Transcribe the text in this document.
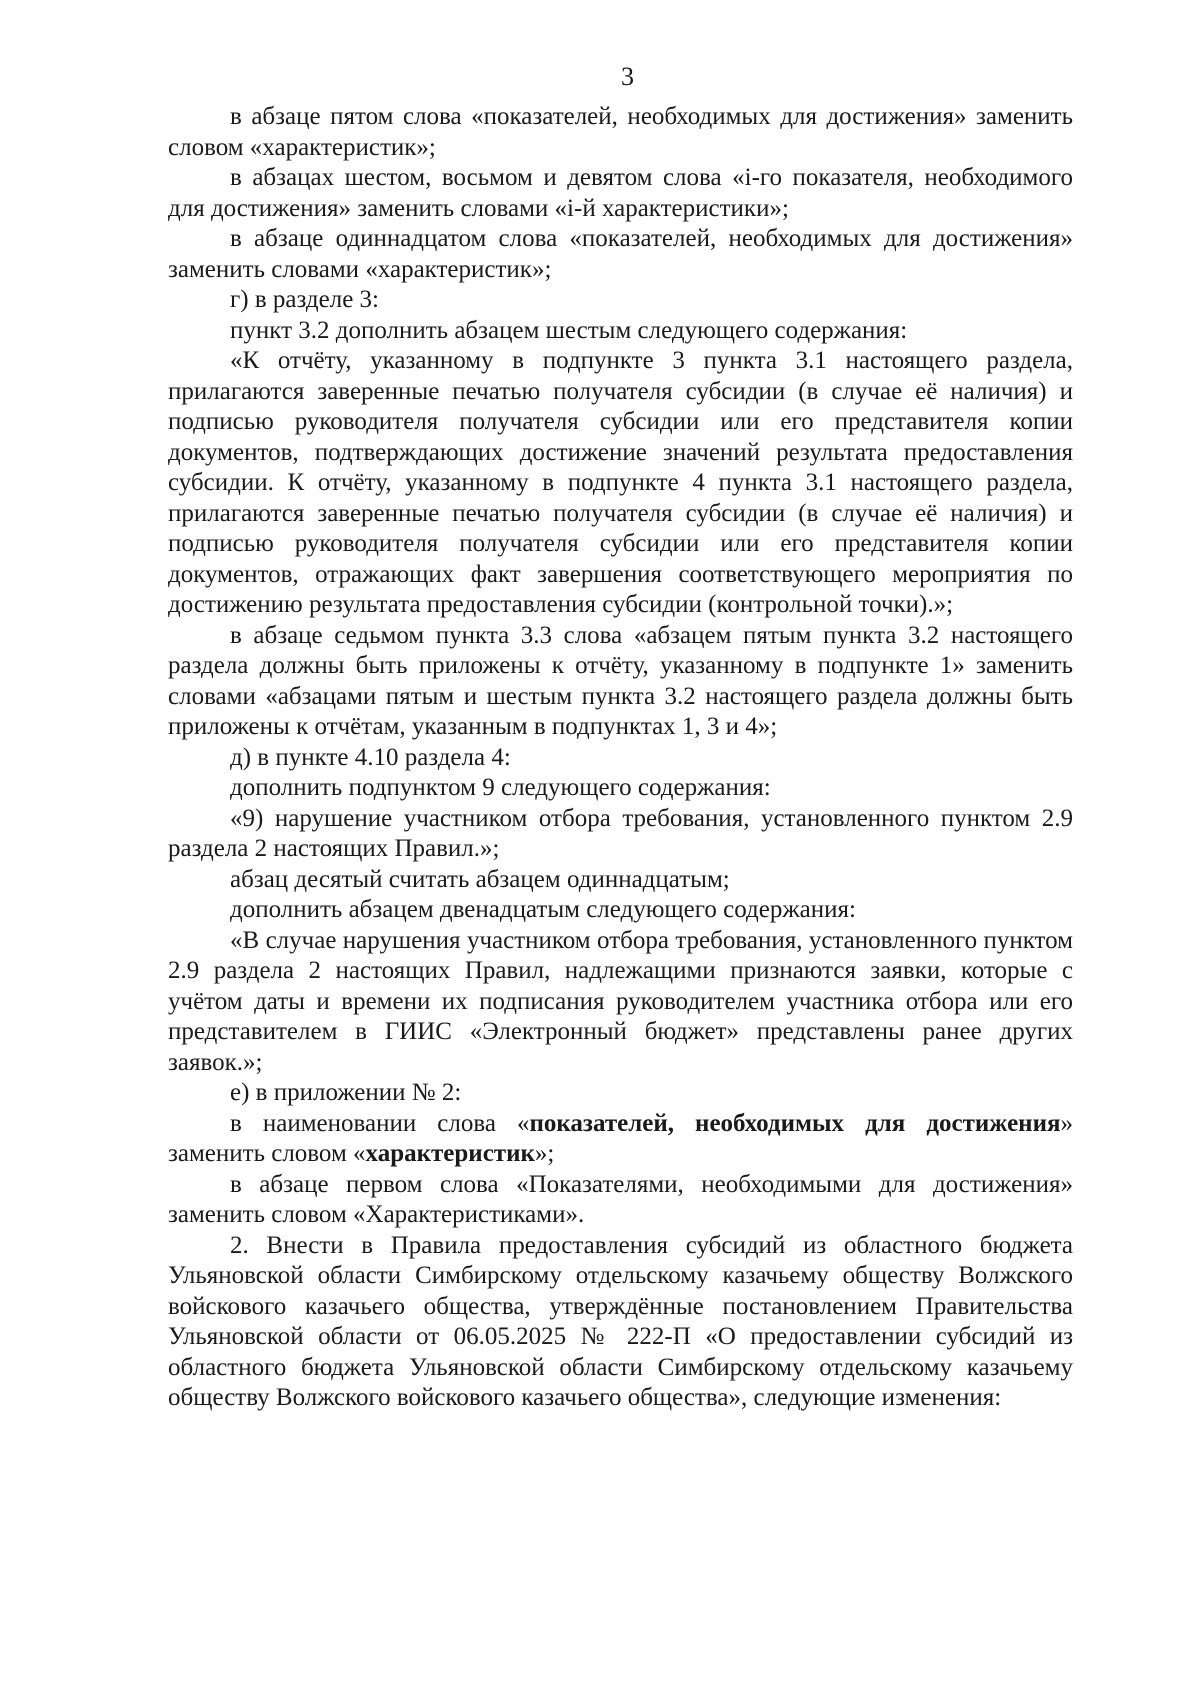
3

в абзаце пятом слова «показателей, необходимых для достижения» заменить словом «характеристик»;

в абзацах шестом, восьмом и девятом слова «i-го показателя, необходимого для достижения» заменить словами «i-й характеристики»;

в абзаце одиннадцатом слова «показателей, необходимых для достижения» заменить словами «характеристик»;

г) в разделе 3:

пункт 3.2 дополнить абзацем шестым следующего содержания:

«К отчёту, указанному в подпункте 3 пункта 3.1 настоящего раздела, прилагаются заверенные печатью получателя субсидии (в случае её наличия) и подписью руководителя получателя субсидии или его представителя копии документов, подтверждающих достижение значений результата предоставления субсидии. К отчёту, указанному в подпункте 4 пункта 3.1 настоящего раздела, прилагаются заверенные печатью получателя субсидии (в случае её наличия) и подписью руководителя получателя субсидии или его представителя копии документов, отражающих факт завершения соответствующего мероприятия по достижению результата предоставления субсидии (контрольной точки).»;

в абзаце седьмом пункта 3.3 слова «абзацем пятым пункта 3.2 настоящего раздела должны быть приложены к отчёту, указанному в подпункте 1» заменить словами «абзацами пятым и шестым пункта 3.2 настоящего раздела должны быть приложены к отчётам, указанным в подпунктах 1, 3 и 4»;

д) в пункте 4.10 раздела 4:

дополнить подпунктом 9 следующего содержания:

«9) нарушение участником отбора требования, установленного пунктом 2.9 раздела 2 настоящих Правил.»;

абзац десятый считать абзацем одиннадцатым;

дополнить абзацем двенадцатым следующего содержания:

«В случае нарушения участником отбора требования, установленного пунктом 2.9 раздела 2 настоящих Правил, надлежащими признаются заявки, которые с учётом даты и времени их подписания руководителем участника отбора или его представителем в ГИИС «Электронный бюджет» представлены ранее других заявок.»;

е) в приложении № 2:

в наименовании слова «показателей, необходимых для достижения» заменить словом «характеристик»;

в абзаце первом слова «Показателями, необходимыми для достижения» заменить словом «Характеристиками».

2. Внести в Правила предоставления субсидий из областного бюджета Ульяновской области Симбирскому отдельскому казачьему обществу Волжского войскового казачьего общества, утверждённые постановлением Правительства Ульяновской области от 06.05.2025 № 222-П «О предоставлении субсидий из областного бюджета Ульяновской области Симбирскому отдельскому казачьему обществу Волжского войскового казачьего общества», следующие изменения:
